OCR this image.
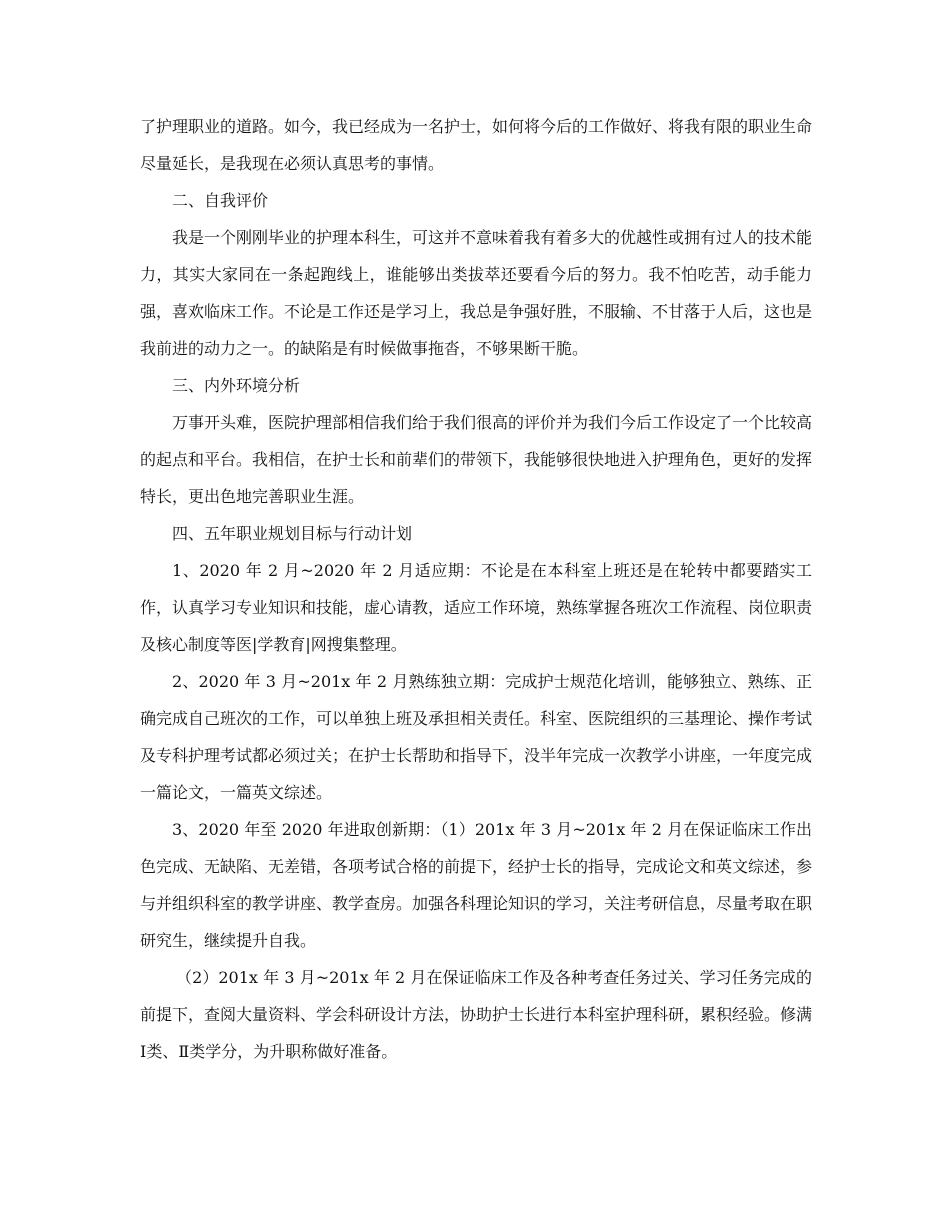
了护理职业的道路。如今，我已经成为一名护士，如何将今后的工作做好、将我有限的职业生命尽量延长，是我现在必须认真思考的事情。

二、自我评价

我是一个刚刚毕业的护理本科生，可这并不意味着我有着多大的优越性或拥有过人的技术能力，其实大家同在一条起跑线上，谁能够出类拔萃还要看今后的努力。我不怕吃苦，动手能力强，喜欢临床工作。不论是工作还是学习上，我总是争强好胜，不服输、不甘落于人后，这也是我前进的动力之一。的缺陷是有时候做事拖沓，不够果断干脆。

三、内外环境分析

万事开头难，医院护理部相信我们给于我们很高的评价并为我们今后工作设定了一个比较高的起点和平台。我相信，在护士长和前辈们的带领下，我能够很快地进入护理角色，更好的发挥特长，更出色地完善职业生涯。

四、五年职业规划目标与行动计划

1、2020 年 2 月~2020 年 2 月适应期：不论是在本科室上班还是在轮转中都要踏实工作，认真学习专业知识和技能，虚心请教，适应工作环境，熟练掌握各班次工作流程、岗位职责及核心制度等医|学教育|网搜集整理。

2、2020 年 3 月~201x 年 2 月熟练独立期：完成护士规范化培训，能够独立、熟练、正确完成自己班次的工作，可以单独上班及承担相关责任。科室、医院组织的三基理论、操作考试及专科护理考试都必须过关；在护士长帮助和指导下，没半年完成一次教学小讲座，一年度完成一篇论文，一篇英文综述。

3、2020 年至 2020 年进取创新期：（1）201x 年 3 月~201x 年 2 月在保证临床工作出色完成、无缺陷、无差错，各项考试合格的前提下，经护士长的指导，完成论文和英文综述，参与并组织科室的教学讲座、教学查房。加强各科理论知识的学习，关注考研信息，尽量考取在职研究生，继续提升自我。

（2）201x 年 3 月~201x 年 2 月在保证临床工作及各种考查任务过关、学习任务完成的前提下，查阅大量资料、学会科研设计方法，协助护士长进行本科室护理科研，累积经验。修满Ⅰ类、Ⅱ类学分，为升职称做好准备。
